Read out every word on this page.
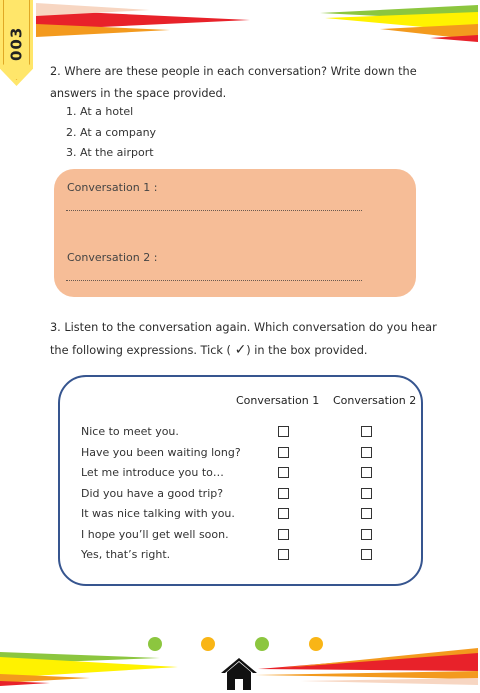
003

2. Where are these people in each conversation? Write down the answers in the space provided.

1. At a hotel
2. At a company
3. At the airport
Conversation 1 :
Conversation 2 :

3. Listen to the conversation again. Which conversation do you hear the following expressions. Tick ( ✓) in the box provided.

Conversation 1 Conversation 2
Nice to meet you.
Have you been waiting long?
Let me introduce you to…
Did you have a good trip?
It was nice talking with you.
I hope you’ll get well soon.
Yes, that’s right.
